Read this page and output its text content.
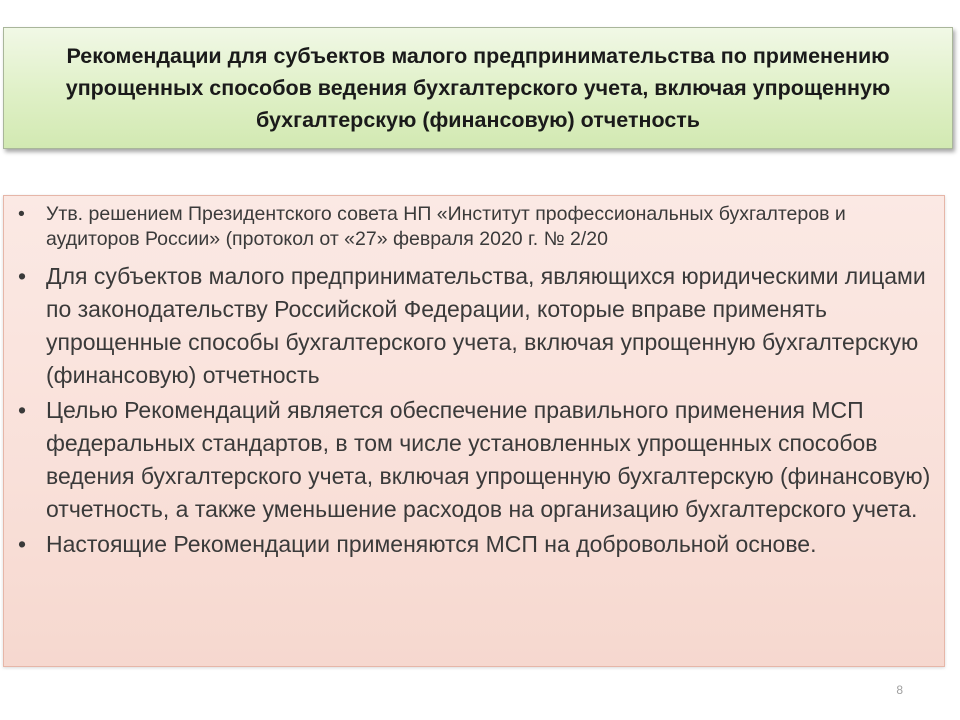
Рекомендации для субъектов малого предпринимательства по применению упрощенных способов ведения бухгалтерского учета, включая упрощенную бухгалтерскую (финансовую) отчетность
• Утв. решением Президентского совета НП «Институт профессиональных бухгалтеров и аудиторов России» (протокол от «27» февраля 2020 г. № 2/20
• Для субъектов малого предпринимательства, являющихся юридическими лицами по законодательству Российской Федерации, которые вправе применять упрощенные способы бухгалтерского учета, включая упрощенную бухгалтерскую (финансовую) отчетность
• Целью Рекомендаций является обеспечение правильного применения МСП федеральных стандартов, в том числе установленных упрощенных способов ведения бухгалтерского учета, включая упрощенную бухгалтерскую (финансовую) отчетность, а также уменьшение расходов на организацию бухгалтерского учета.
• Настоящие Рекомендации применяются МСП на добровольной основе.
8
